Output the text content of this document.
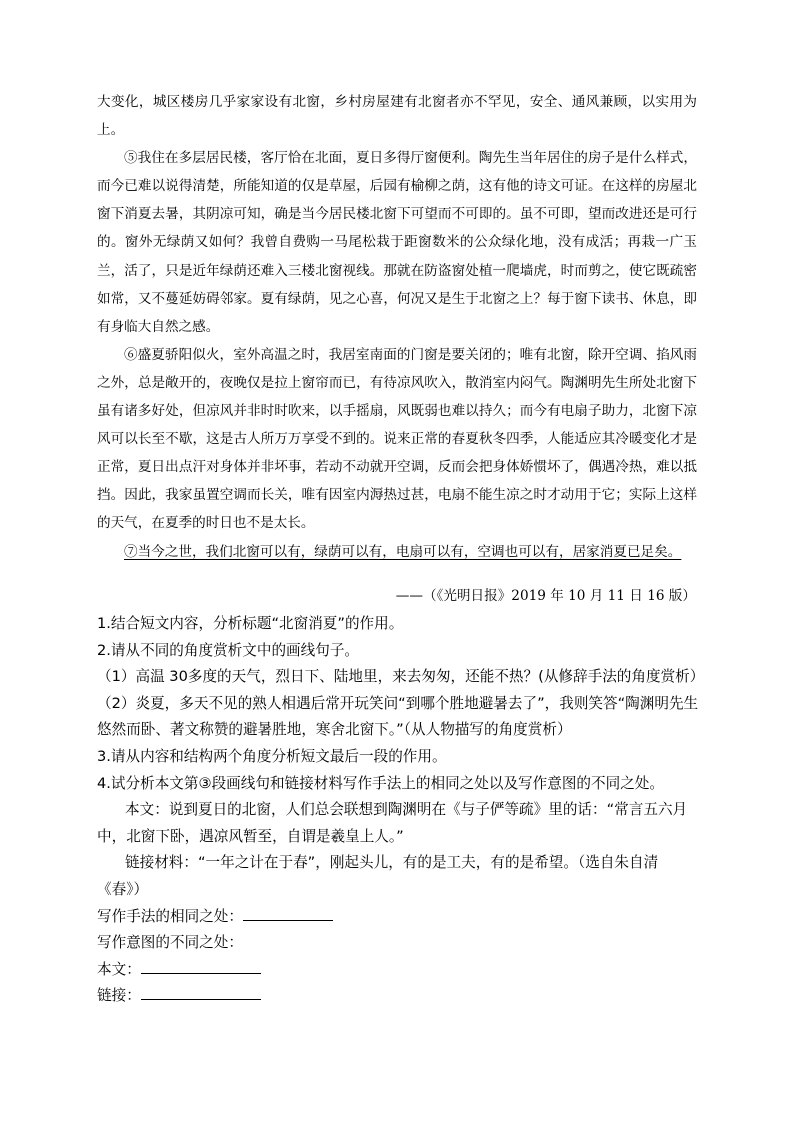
大变化，城区楼房几乎家家设有北窗，乡村房屋建有北窗者亦不罕见，安全、通风兼顾，以实用为上。

⑤我住在多层居民楼，客厅恰在北面，夏日多得厅窗便利。陶先生当年居住的房子是什么样式，而今已难以说得清楚，所能知道的仅是草屋，后园有榆柳之荫，这有他的诗文可证。在这样的房屋北窗下消夏去暑，其阴凉可知，确是当今居民楼北窗下可望而不可即的。虽不可即，望而改进还是可行的。窗外无绿荫又如何？我曾自费购一马尾松栽于距窗数米的公众绿化地，没有成活；再栽一广玉兰，活了，只是近年绿荫还难入三楼北窗视线。那就在防盗窗处植一爬墙虎，时而剪之，使它既疏密如常，又不蔓延妨碍邻家。夏有绿荫，见之心喜，何况又是生于北窗之上？每于窗下读书、休息，即有身临大自然之感。

⑥盛夏骄阳似火，室外高温之时，我居室南面的门窗是要关闭的；唯有北窗，除开空调、掐风雨之外，总是敞开的，夜晚仅是拉上窗帘而已，有待凉风吹入，散消室内闷气。陶渊明先生所处北窗下虽有诸多好处，但凉风并非时时吹来，以手摇扇，风既弱也难以持久；而今有电扇子助力，北窗下凉风可以长至不歇，这是古人所万万享受不到的。说来正常的春夏秋冬四季，人能适应其冷暖变化才是正常，夏日出点汗对身体并非坏事，若动不动就开空调，反而会把身体娇惯坏了，偶遇冷热，难以抵挡。因此，我家虽置空调而长关，唯有因室内溽热过甚，电扇不能生凉之时才动用于它；实际上这样的天气，在夏季的时日也不是太长。

⑦当今之世，我们北窗可以有，绿荫可以有，电扇可以有，空调也可以有，居家消夏已足矣。

——（《光明日报》2019 年 10 月 11 日 16 版）

1.结合短文内容，分析标题“北窗消夏”的作用。

2.请从不同的角度赏析文中的画线句子。

（1）高温 30多度的天气，烈日下、陆地里，来去匆匆，还能不热？(从修辞手法的角度赏析）

（2）炎夏，多天不见的熟人相遇后常开玩笑问“到哪个胜地避暑去了”，我则笑答“陶渊明先生

悠然而卧、著文称赞的避暑胜地，寒舍北窗下。”（从人物描写的角度赏析）

3.请从内容和结构两个角度分析短文最后一段的作用。

4.试分析本文第③段画线句和链接材料写作手法上的相同之处以及写作意图的不同之处。

本文：说到夏日的北窗，人们总会联想到陶渊明在《与子俨等疏》里的话：“常言五六月

中，北窗下卧，遇凉风暂至，自谓是羲皇上人。”

链接材料：“一年之计在于春”，刚起头儿，有的是工夫，有的是希望。（选自朱自清

《春》）

写作手法的相同之处：

写作意图的不同之处：

本文：

链接：
